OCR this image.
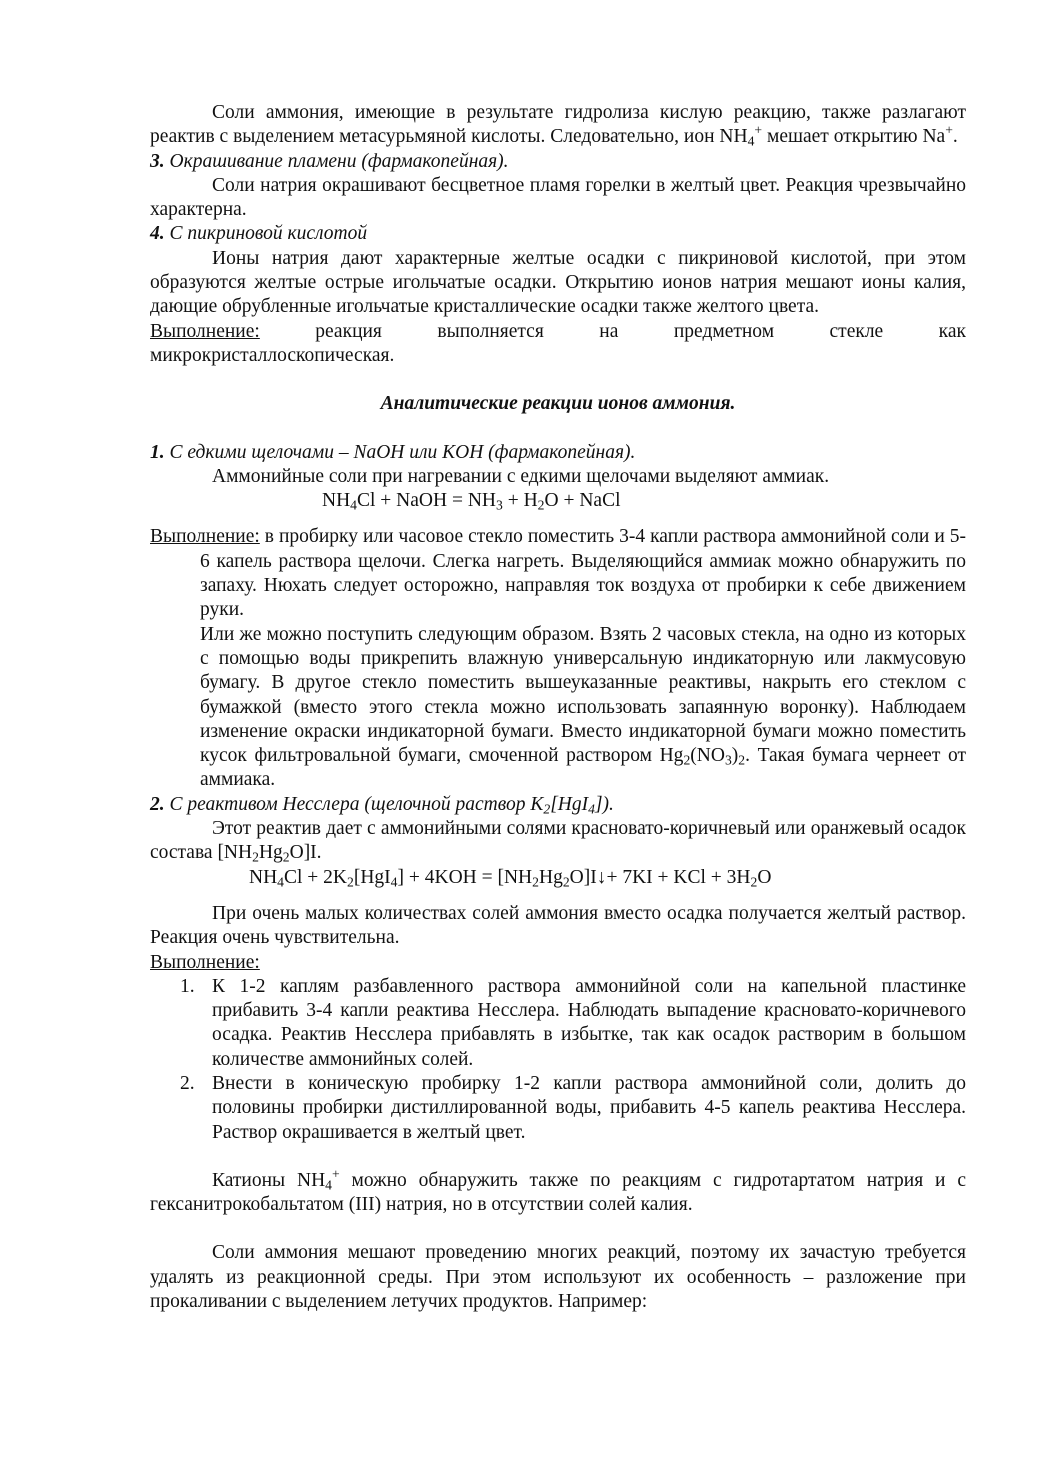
Соли аммония, имеющие в результате гидролиза кислую реакцию, также разлагают реактив с выделением метасурьмяной кислоты. Следовательно, ион $NH_4^+$ мешает открытию Na+.

3. Окрашивание пламени (фармакопейная).

Соли натрия окрашивают бесцветное пламя горелки в желтый цвет. Реакция чрезвычайно характерна.

4. С пикриновой кислотой

Ионы натрия дают характерные желтые осадки с пикриновой кислотой, при этом образуются желтые острые игольчатые осадки. Открытию ионов натрия мешают ионы калия, дающие обрубленные игольчатые кристаллические осадки также желтого цвета.

Выполнение: реакция выполняется на предметном стекле как

микрокристаллоскопическая.

Аналитические реакции ионов аммония.

1. С едкими щелочами – NaOH или KOH (фармакопейная).

Аммонийные соли при нагревании с едкими щелочами выделяют аммиак.

$NH_4Cl$ + NaOH = $NH_3 + H_2O$ + NaCl

Выполнение: в пробирку или часовое стекло поместить 3-4 капли раствора аммонийной соли и 5-6 капель раствора щелочи. Слегка нагреть. Выделяющийся аммиак можно обнаружить по запаху. Нюхать следует осторожно, направляя ток воздуха от пробирки к себе движением руки.

Или же можно поступить следующим образом. Взять 2 часовых стекла, на одно из которых с помощью воды прикрепить влажную универсальную индикаторную или лакмусовую бумагу. В другое стекло поместить вышеуказанные реактивы, накрыть его стеклом с бумажкой (вместо этого стекла можно использовать запаянную воронку). Наблюдаем изменение окраски индикаторной бумаги. Вместо индикаторной бумаги можно поместить кусок фильтровальной бумаги, смоченной раствором $Hg_2(NO_3)_2$. Такая бумага чернеет от аммиака.

2. С реактивом Несслера (щелочной раствор $K_2[HgI_4]$).

Этот реактив дает с аммонийными солями красновато-коричневый или оранжевый осадок состава $[NH_2Hg_2O]I$.

$NH_4Cl + 2K_2[HgI_4] + 4KOH$ = $[NH_2Hg_2O]I↓+ 7KI$ + KCl + $3H_2O$

При очень малых количествах солей аммония вместо осадка получается желтый раствор. Реакция очень чувствительна.

Выполнение:

1. К 1-2 каплям разбавленного раствора аммонийной соли на капельной пластинке прибавить 3-4 капли реактива Несслера. Наблюдать выпадение красновато-коричневого осадка. Реактив Несслера прибавлять в избытке, так как осадок растворим в большом количестве аммонийных солей.
2. Внести в коническую пробирку 1-2 капли раствора аммонийной соли, долить до половины пробирки дистиллированной воды, прибавить 4-5 капель реактива Несслера. Раствор окрашивается в желтый цвет.

Катионы $NH_4^+$ можно обнаружить также по реакциям с гидротартатом натрия и с гексанитрокобальтатом (III) натрия, но в отсутствии солей калия.

Соли аммония мешают проведению многих реакций, поэтому их зачастую требуется удалять из реакционной среды. При этом используют их особенность – разложение при прокаливании с выделением летучих продуктов. Например:
